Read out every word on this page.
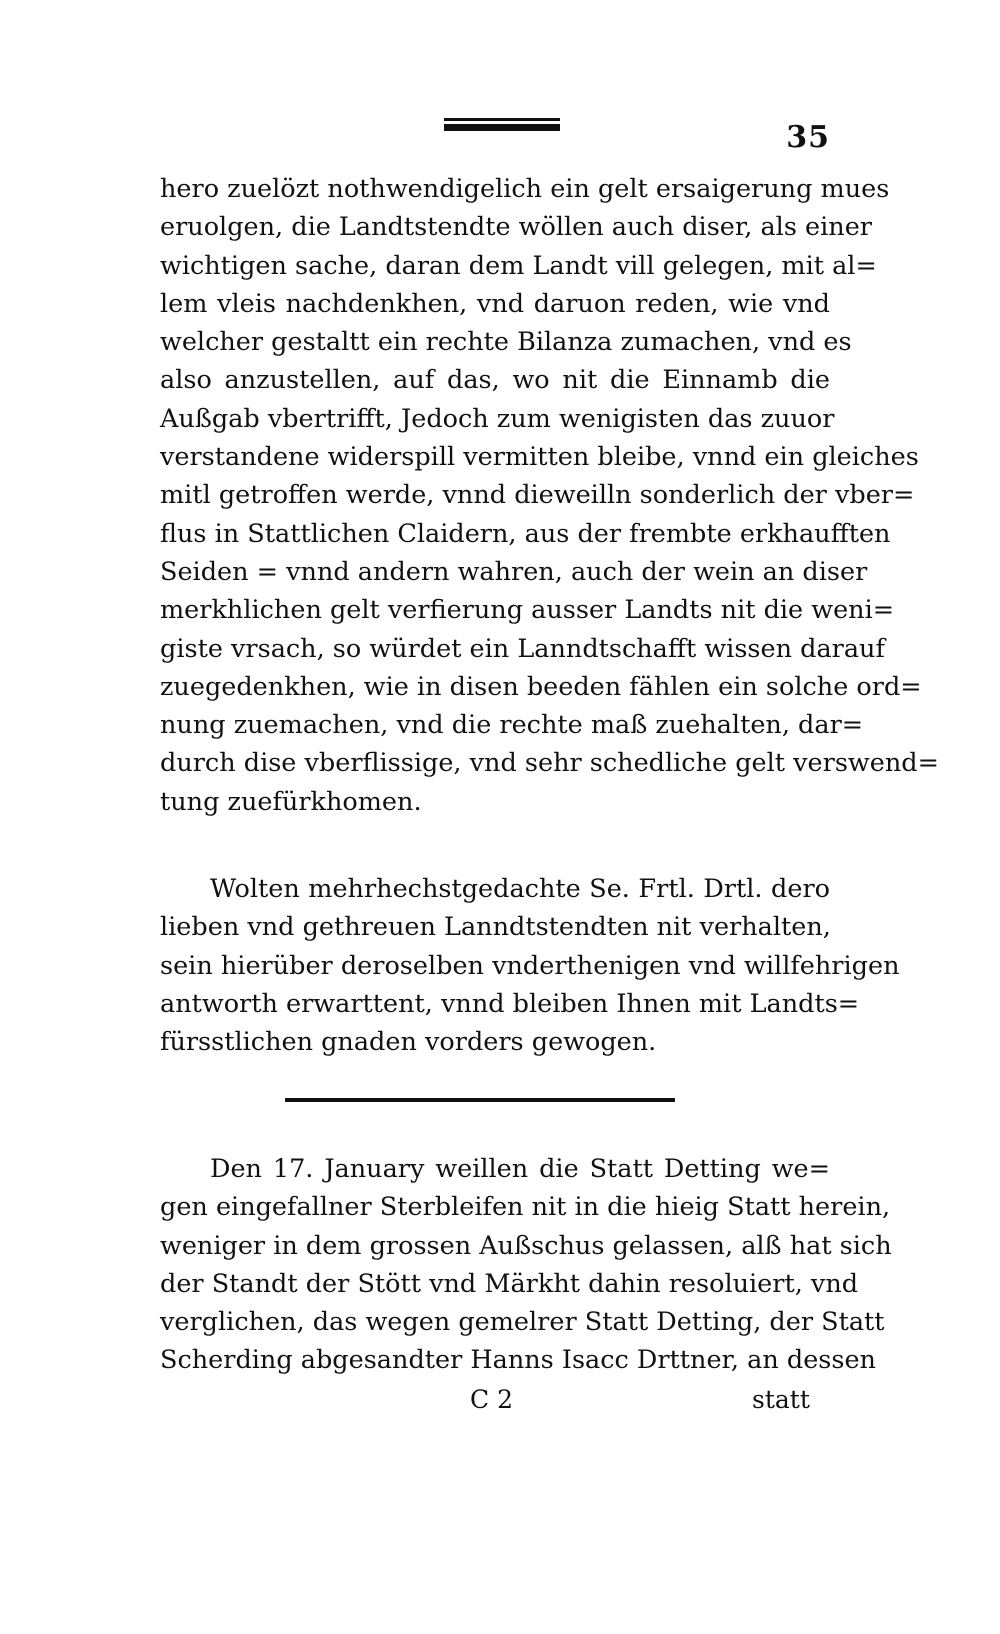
35
hero zuelözt nothwendigelich ein gelt ersaigerung mues
eruolgen, die Landtstendte wöllen auch diser, als einer
wichtigen sache, daran dem Landt vill gelegen, mit al=
lem vleis nachdenkhen, vnd daruon reden, wie vnd
welcher gestaltt ein rechte Bilanza zumachen, vnd es
also anzustellen, auf das, wo nit die Einnamb die
Außgab vbertrifft, Jedoch zum wenigisten das zuuor
verstandene widerspill vermitten bleibe, vnnd ein gleiches
mitl getroffen werde, vnnd dieweilln sonderlich der vber=
flus in Stattlichen Claidern, aus der frembte erkhaufften
Seiden = vnnd andern wahren, auch der wein an diser
merkhlichen gelt verfierung ausser Landts nit die weni=
giste vrsach, so würdet ein Lanndtschafft wissen darauf
zuegedenkhen, wie in disen beeden fählen ein solche ord=
nung zuemachen, vnd die rechte maß zuehalten, dar=
durch dise vberflissige, vnd sehr schedliche gelt verswend=
tung zuefürkhomen.
Wolten mehrhechstgedachte Se. Frtl. Drtl. dero
lieben vnd gethreuen Lanndtstendten nit verhalten,
sein hierüber deroselben vnderthenigen vnd willfehrigen
antworth erwarttent, vnnd bleiben Ihnen mit Landts=
fürsstlichen gnaden vorders gewogen.
Den 17. January weillen die Statt Detting we=
gen eingefallner Sterbleifen nit in die hieig Statt herein,
weniger in dem grossen Außschus gelassen, alß hat sich
der Standt der Stött vnd Märkht dahin resoluiert, vnd
verglichen, das wegen gemelrer Statt Detting, der Statt
Scherding abgesandter Hanns Isacc Drttner, an dessen
C 2	statt
